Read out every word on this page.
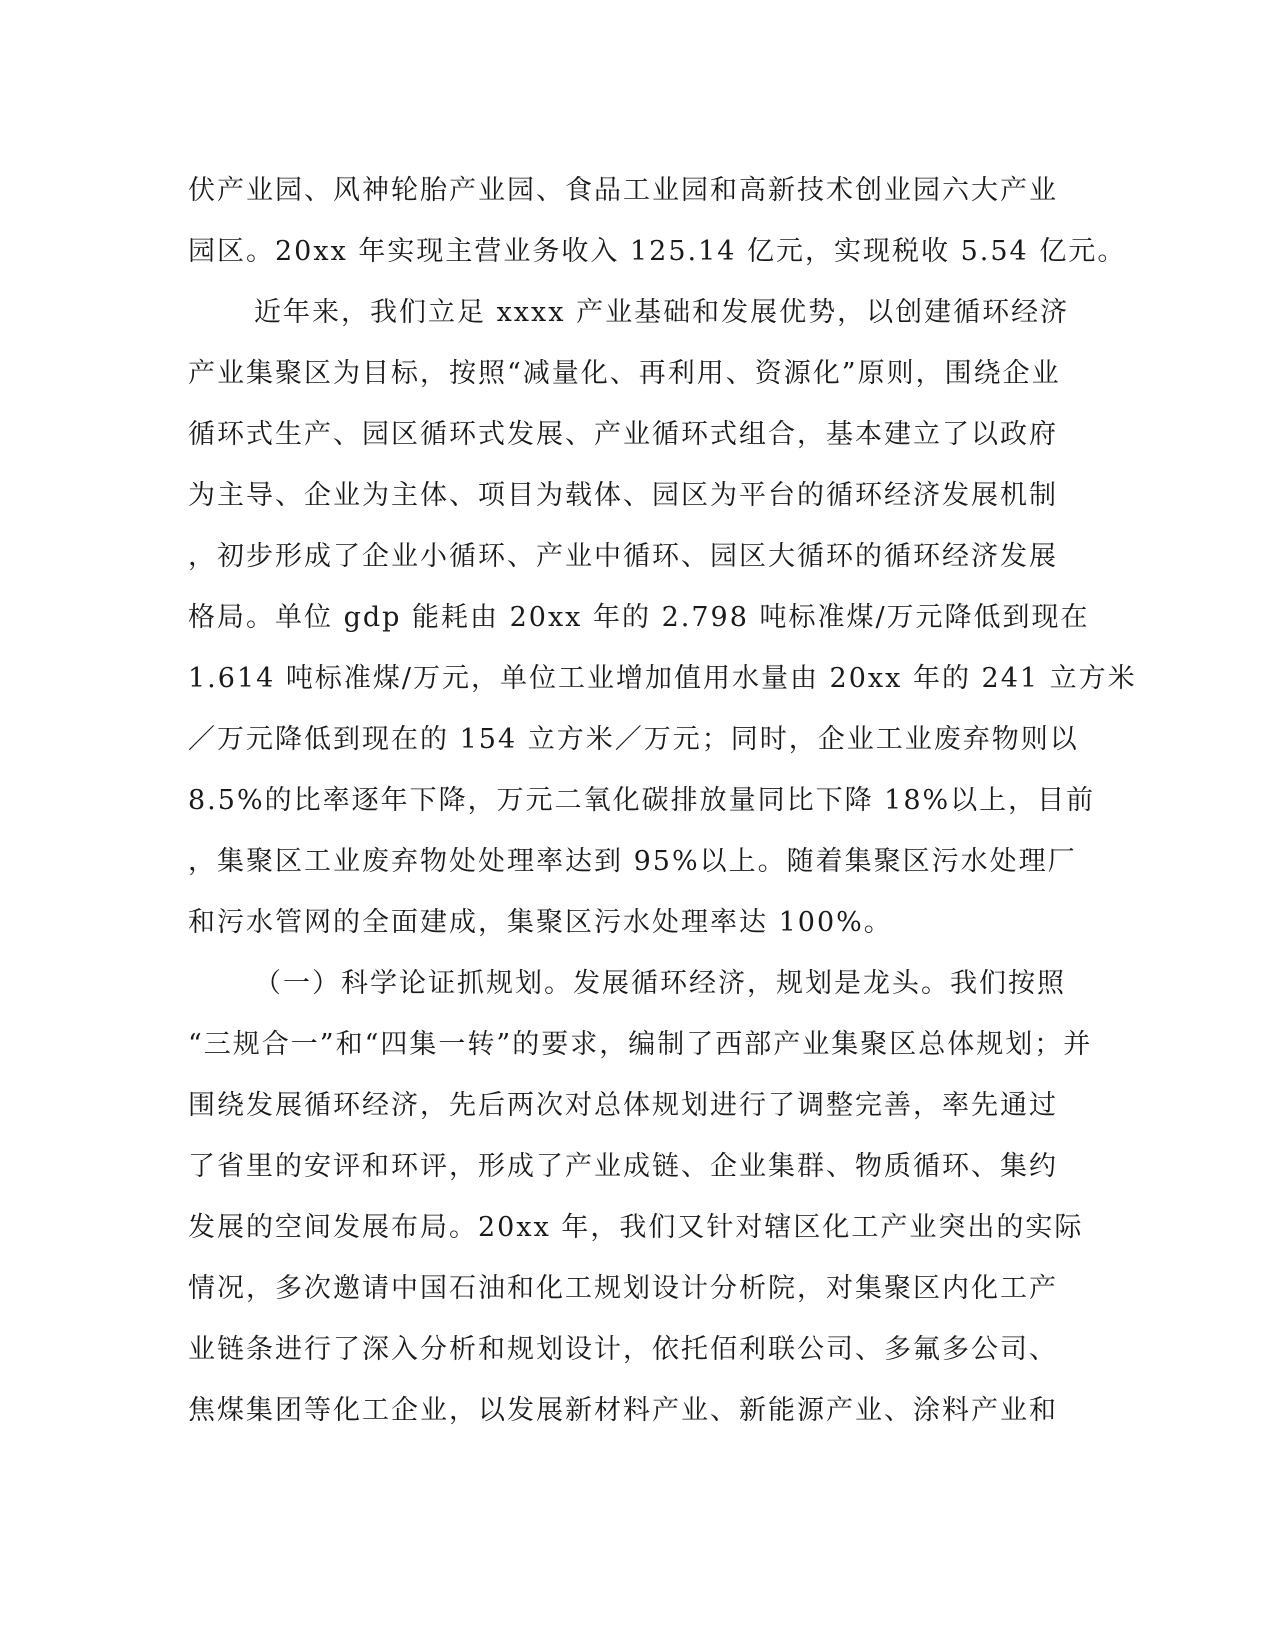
伏产业园、风神轮胎产业园、食品工业园和高新技术创业园六大产业
园区。20xx 年实现主营业务收入 125.14 亿元，实现税收 5.54 亿元。
近年来，我们立足 xxxx 产业基础和发展优势，以创建循环经济
产业集聚区为目标，按照“减量化、再利用、资源化”原则，围绕企业
循环式生产、园区循环式发展、产业循环式组合，基本建立了以政府
为主导、企业为主体、项目为载体、园区为平台的循环经济发展机制
，初步形成了企业小循环、产业中循环、园区大循环的循环经济发展
格局。单位 gdp 能耗由 20xx 年的 2.798 吨标准煤/万元降低到现在
1.614 吨标准煤/万元，单位工业增加值用水量由 20xx 年的 241 立方米
／万元降低到现在的 154 立方米／万元；同时，企业工业废弃物则以
8.5%的比率逐年下降，万元二氧化碳排放量同比下降 18%以上，目前
，集聚区工业废弃物处处理率达到 95%以上。随着集聚区污水处理厂
和污水管网的全面建成，集聚区污水处理率达 100%。
（一）科学论证抓规划。发展循环经济，规划是龙头。我们按照
“三规合一”和“四集一转”的要求，编制了西部产业集聚区总体规划；并
围绕发展循环经济，先后两次对总体规划进行了调整完善，率先通过
了省里的安评和环评，形成了产业成链、企业集群、物质循环、集约
发展的空间发展布局。20xx 年，我们又针对辖区化工产业突出的实际
情况，多次邀请中国石油和化工规划设计分析院，对集聚区内化工产
业链条进行了深入分析和规划设计，依托佰利联公司、多氟多公司、
焦煤集团等化工企业，以发展新材料产业、新能源产业、涂料产业和
